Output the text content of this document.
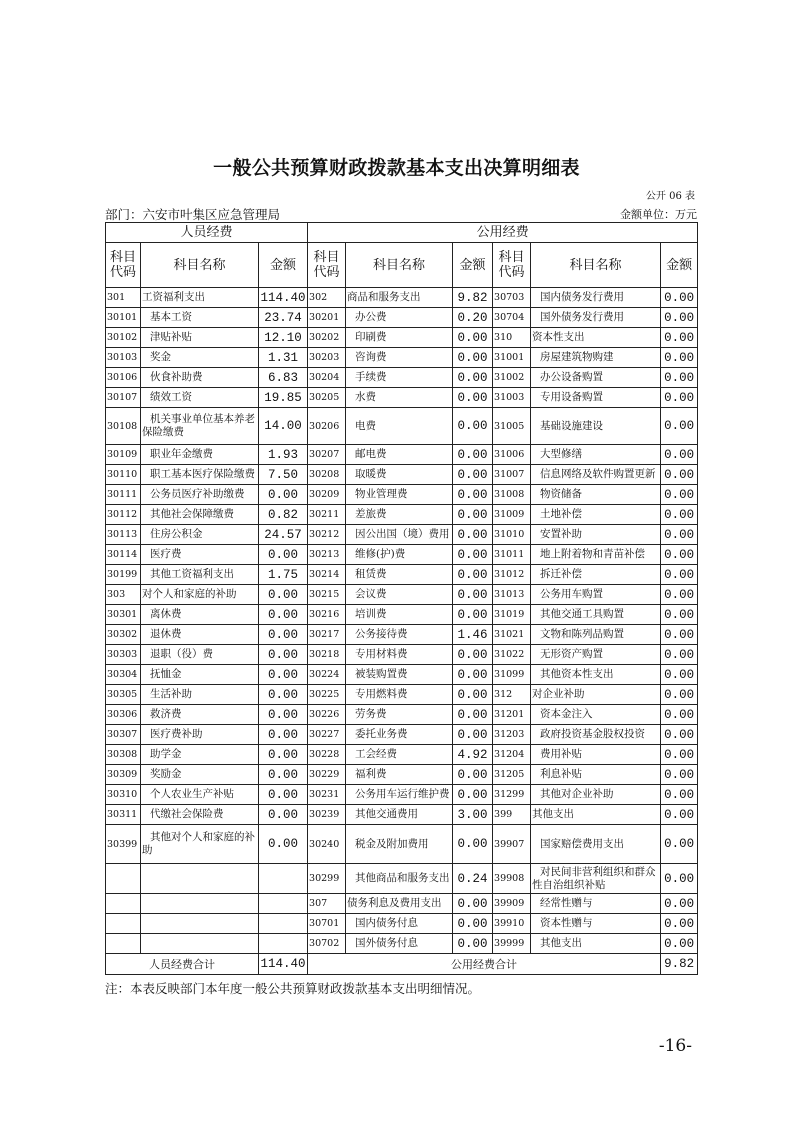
一般公共预算财政拨款基本支出决算明细表
公开 06 表
部门：六安市叶集区应急管理局	金额单位：万元
人员经费			公用经费					
科目代码	科目名称	金额	科目代码	科目名称	金额	科目代码	科目名称	金额
301	工资福利支出	114.40	302	商品和服务支出	9.82	30703	国内债务发行费用	0.00
30101	基本工资	23.74	30201	办公费	0.20	30704	国外债务发行费用	0.00
30102	津贴补贴	12.10	30202	印刷费	0.00	310	资本性支出	0.00
30103	奖金	1.31	30203	咨询费	0.00	31001	房屋建筑物购建	0.00
30106	伙食补助费	6.83	30204	手续费	0.00	31002	办公设备购置	0.00
30107	绩效工资	19.85	30205	水费	0.00	31003	专用设备购置	0.00
30108	机关事业单位基本养老保险缴费	14.00	30206	电费	0.00	31005	基础设施建设	0.00
30109	职业年金缴费	1.93	30207	邮电费	0.00	31006	大型修缮	0.00
30110	职工基本医疗保险缴费	7.50	30208	取暖费	0.00	31007	信息网络及软件购置更新	0.00
30111	公务员医疗补助缴费	0.00	30209	物业管理费	0.00	31008	物资储备	0.00
30112	其他社会保障缴费	0.82	30211	差旅费	0.00	31009	土地补偿	0.00
30113	住房公积金	24.57	30212	因公出国（境）费用	0.00	31010	安置补助	0.00
30114	医疗费	0.00	30213	维修(护)费	0.00	31011	地上附着物和青苗补偿	0.00
30199	其他工资福利支出	1.75	30214	租赁费	0.00	31012	拆迁补偿	0.00
303	对个人和家庭的补助	0.00	30215	会议费	0.00	31013	公务用车购置	0.00
30301	离休费	0.00	30216	培训费	0.00	31019	其他交通工具购置	0.00
30302	退休费	0.00	30217	公务接待费	1.46	31021	文物和陈列品购置	0.00
30303	退职（役）费	0.00	30218	专用材料费	0.00	31022	无形资产购置	0.00
30304	抚恤金	0.00	30224	被装购置费	0.00	31099	其他资本性支出	0.00
30305	生活补助	0.00	30225	专用燃料费	0.00	312	对企业补助	0.00
30306	救济费	0.00	30226	劳务费	0.00	31201	资本金注入	0.00
30307	医疗费补助	0.00	30227	委托业务费	0.00	31203	政府投资基金股权投资	0.00
30308	助学金	0.00	30228	工会经费	4.92	31204	费用补贴	0.00
30309	奖励金	0.00	30229	福利费	0.00	31205	利息补贴	0.00
30310	个人农业生产补贴	0.00	30231	公务用车运行维护费	0.00	31299	其他对企业补助	0.00
30311	代缴社会保险费	0.00	30239	其他交通费用	3.00	399	其他支出	0.00
30399	其他对个人和家庭的补助	0.00	30240	税金及附加费用	0.00	39907	国家赔偿费用支出	0.00
			30299	其他商品和服务支出	0.24	39908	对民间非营利组织和群众性自治组织补贴	0.00
			307	债务利息及费用支出	0.00	39909	经常性赠与	0.00
			30701	国内债务付息	0.00	39910	资本性赠与	0.00
			30702	国外债务付息	0.00	39999	其他支出	0.00
人员经费合计		114.40	公用经费合计					9.82
注：本表反映部门本年度一般公共预算财政拨款基本支出明细情况。
-16-
